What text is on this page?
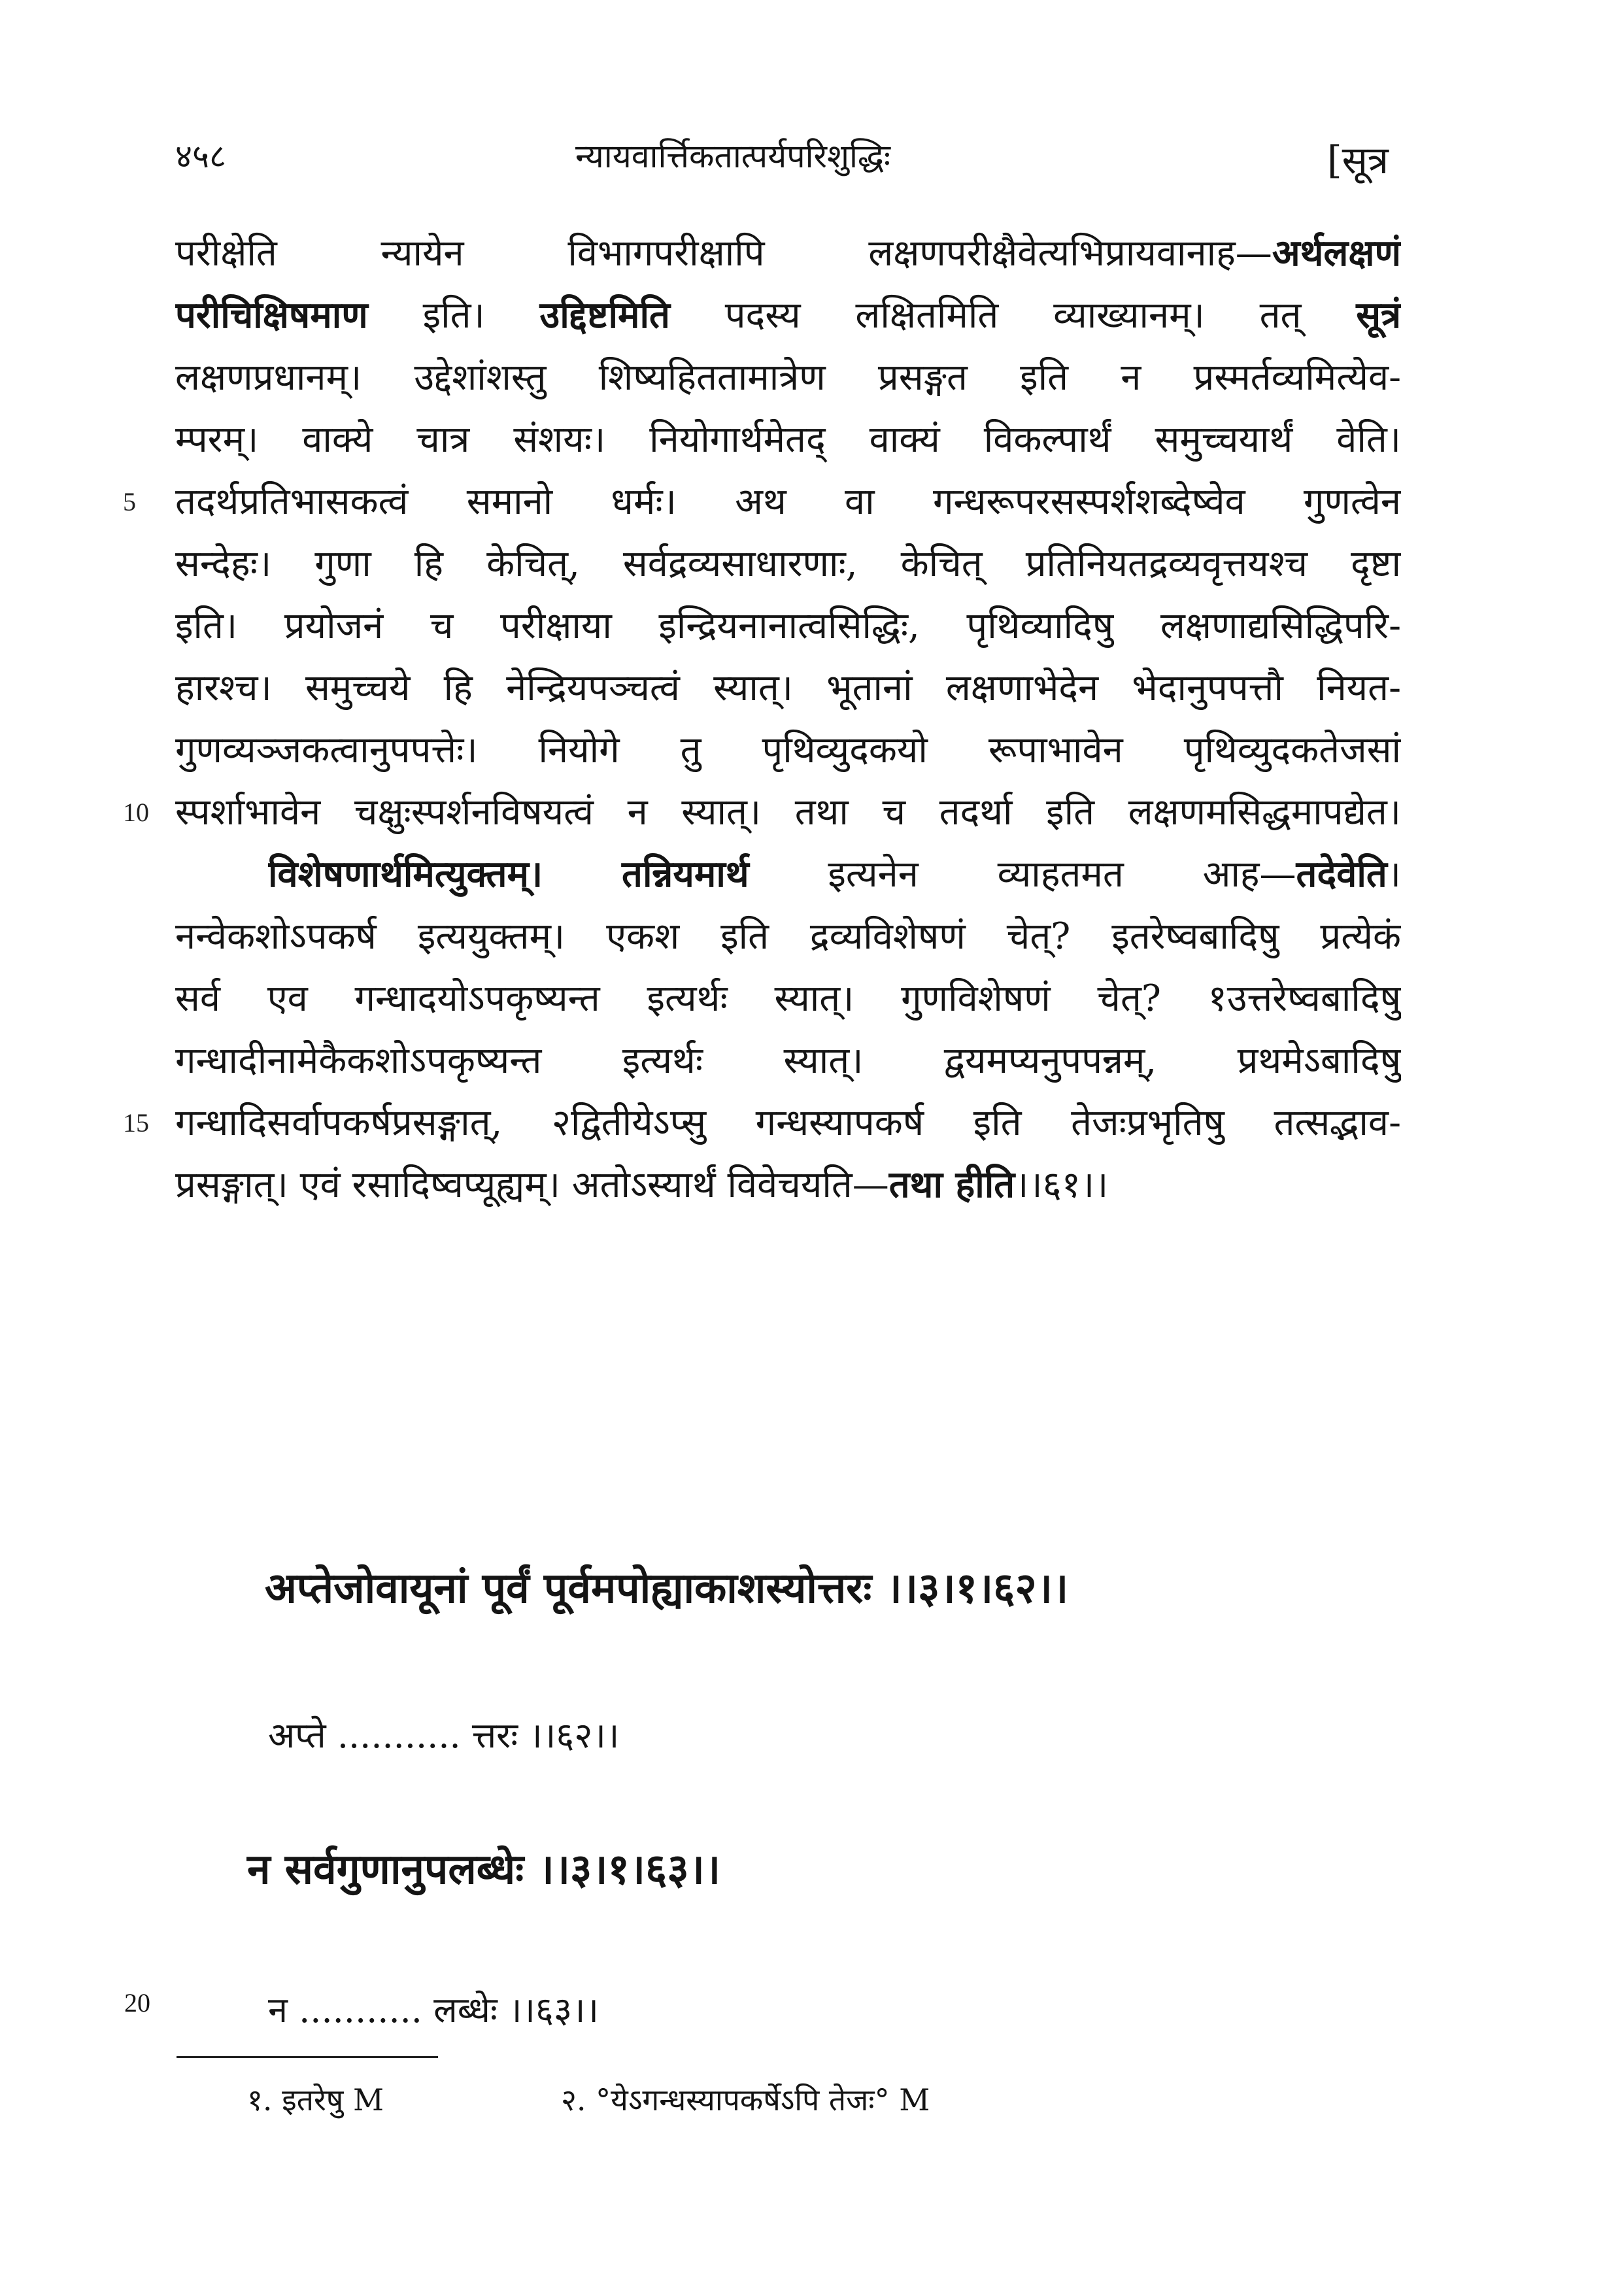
४५८	न्यायवार्त्तिकतात्पर्यपरिशुद्धिः	[सूत्र
परीक्षेति न्यायेन विभागपरीक्षापि लक्षणपरीक्षैवेत्यभिप्रायवानाह—अर्थलक्षणं
परीचिक्षिषमाण इति। उद्दिष्टमिति पदस्य लक्षितमिति व्याख्यानम्। तत् सूत्रं
लक्षणप्रधानम्। उद्देशांशस्तु शिष्यहिततामात्रेण प्रसङ्गत इति न प्रस्मर्तव्यमित्येव-
म्परम्। वाक्ये चात्र संशयः। नियोगार्थमेतद् वाक्यं विकल्पार्थं समुच्चयार्थं वेति।
तदर्थप्रतिभासकत्वं समानो धर्मः। अथ वा गन्धरूपरसस्पर्शशब्देष्वेव गुणत्वेन
5
सन्देहः। गुणा हि केचित्, सर्वद्रव्यसाधारणाः, केचित् प्रतिनियतद्रव्यवृत्तयश्च दृष्टा
इति। प्रयोजनं च परीक्षाया इन्द्रियनानात्वसिद्धिः, पृथिव्यादिषु लक्षणाद्यसिद्धिपरि-
हारश्च। समुच्चये हि नेन्द्रियपञ्चत्वं स्यात्। भूतानां लक्षणाभेदेन भेदानुपपत्तौ नियत-
गुणव्यञ्जकत्वानुपपत्तेः। नियोगे तु पृथिव्युदकयो रूपाभावेन पृथिव्युदकतेजसां
स्पर्शाभावेन चक्षुःस्पर्शनविषयत्वं न स्यात्। तथा च तदर्था इति लक्षणमसिद्धमापद्येत।
10
विशेषणार्थमित्युक्तम्। तन्नियमार्थ इत्यनेन व्याहतमत आह—तदेवेति।
नन्वेकशोऽपकर्ष इत्ययुक्तम्। एकश इति द्रव्यविशेषणं चेत्? इतरेष्वबादिषु प्रत्येकं
सर्व एव गन्धादयोऽपकृष्यन्त इत्यर्थः स्यात्। गुणविशेषणं चेत्? १उत्तरेष्वबादिषु
गन्धादीनामेकैकशोऽपकृष्यन्त इत्यर्थः स्यात्। द्वयमप्यनुपपन्नम्, प्रथमेऽबादिषु
गन्धादिसर्वापकर्षप्रसङ्गात्, २द्वितीयेऽप्सु गन्धस्यापकर्ष इति तेजःप्रभृतिषु तत्सद्भाव-
15
प्रसङ्गात्। एवं रसादिष्वप्यूह्यम्। अतोऽस्यार्थं विवेचयति—तथा हीति।।६१।।
अप्तेजोवायूनां पूर्वं पूर्वमपोह्याकाशस्योत्तरः ।।३।१।६२।।
अप्ते ........... त्तरः ।।६२।।
न सर्वगुणानुपलब्धेः ।।३।१।६३।।
न ........... लब्धेः ।।६३।।
20
१. इतरेषु M	२. °येऽगन्धस्यापकर्षेऽपि तेजः° M
